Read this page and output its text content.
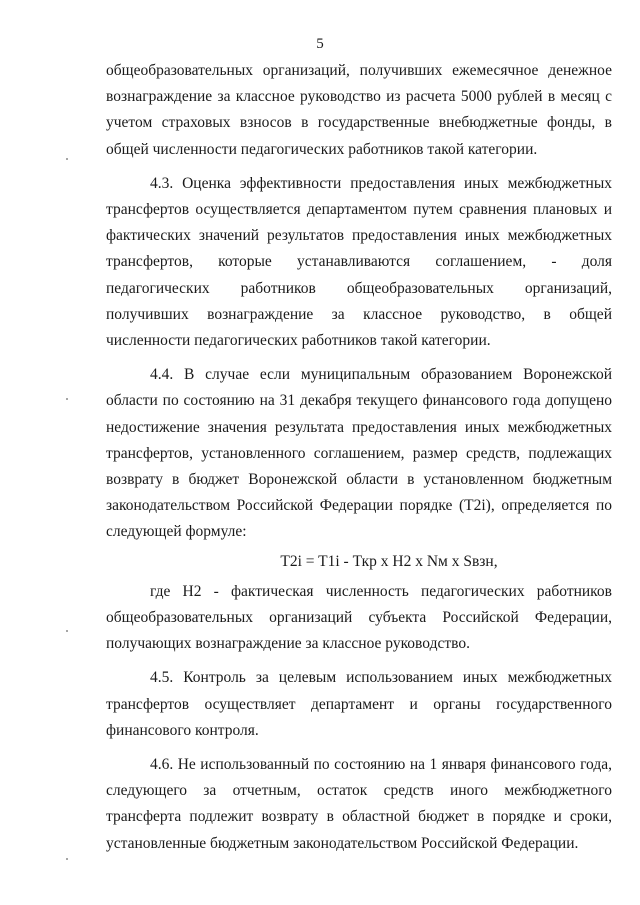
5

общеобразовательных организаций, получивших ежемесячное денежное вознаграждение за классное руководство из расчета 5000 рублей в месяц с учетом страховых взносов в государственные внебюджетные фонды, в общей численности педагогических работников такой категории.

4.3. Оценка эффективности предоставления иных межбюджетных трансфертов осуществляется департаментом путем сравнения плановых и фактических значений результатов предоставления иных межбюджетных трансфертов, которые устанавливаются соглашением, - доля педагогических работников общеобразовательных организаций, получивших вознаграждение за классное руководство, в общей численности педагогических работников такой категории.

4.4. В случае если муниципальным образованием Воронежской области по состоянию на 31 декабря текущего финансового года допущено недостижение значения результата предоставления иных межбюджетных трансфертов, установленного соглашением, размер средств, подлежащих возврату в бюджет Воронежской области в установленном бюджетным законодательством Российской Федерации порядке (T2i), определяется по следующей формуле:

T2i = T1i - Ткр х Н2 х Nм х Sвзн,

где Н2 - фактическая численность педагогических работников общеобразовательных организаций субъекта Российской Федерации, получающих вознаграждение за классное руководство.

4.5. Контроль за целевым использованием иных межбюджетных трансфертов осуществляет департамент и органы государственного финансового контроля.

4.6. Не использованный по состоянию на 1 января финансового года, следующего за отчетным, остаток средств иного межбюджетного трансферта подлежит возврату в областной бюджет в порядке и сроки, установленные бюджетным законодательством Российской Федерации.
